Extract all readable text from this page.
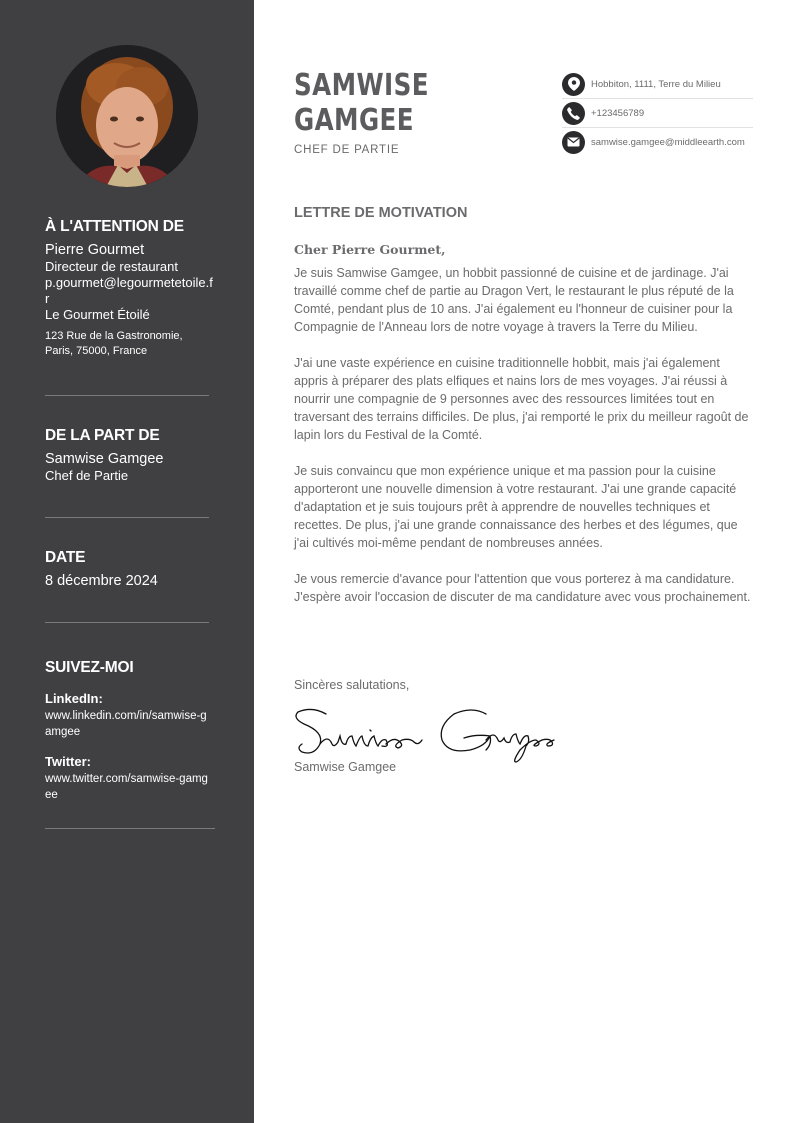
À L'ATTENTION DE
Pierre Gourmet
Directeur de restaurant
p.gourmet@legourmetetoile.fr
Le Gourmet Étoilé
123 Rue de la Gastronomie,
Paris, 75000, France
DE LA PART DE
Samwise Gamgee
Chef de Partie
DATE
8 décembre 2024
SUIVEZ-MOI
LinkedIn:
www.linkedin.com/in/samwise-gamgee
Twitter:
www.twitter.com/samwise-gamgee
SAMWISE
GAMGEE
CHEF DE PARTIE
Hobbiton, 1111, Terre du Milieu
+123456789
samwise.gamgee@middleearth.com
LETTRE DE MOTIVATION
Cher Pierre Gourmet,

Je suis Samwise Gamgee, un hobbit passionné de cuisine et de jardinage. J'ai travaillé comme chef de partie au Dragon Vert, le restaurant le plus réputé de la Comté, pendant plus de 10 ans. J'ai également eu l'honneur de cuisiner pour la Compagnie de l'Anneau lors de notre voyage à travers la Terre du Milieu.

J'ai une vaste expérience en cuisine traditionnelle hobbit, mais j'ai également appris à préparer des plats elfiques et nains lors de mes voyages. J'ai réussi à nourrir une compagnie de 9 personnes avec des ressources limitées tout en traversant des terrains difficiles. De plus, j'ai remporté le prix du meilleur ragoût de lapin lors du Festival de la Comté.

Je suis convaincu que mon expérience unique et ma passion pour la cuisine apporteront une nouvelle dimension à votre restaurant. J'ai une grande capacité d'adaptation et je suis toujours prêt à apprendre de nouvelles techniques et recettes. De plus, j'ai une grande connaissance des herbes et des légumes, que j'ai cultivés moi-même pendant de nombreuses années.

Je vous remercie d'avance pour l'attention que vous porterez à ma candidature. J'espère avoir l'occasion de discuter de ma candidature avec vous prochainement.

Sincères salutations,
Samwise Gamgee
